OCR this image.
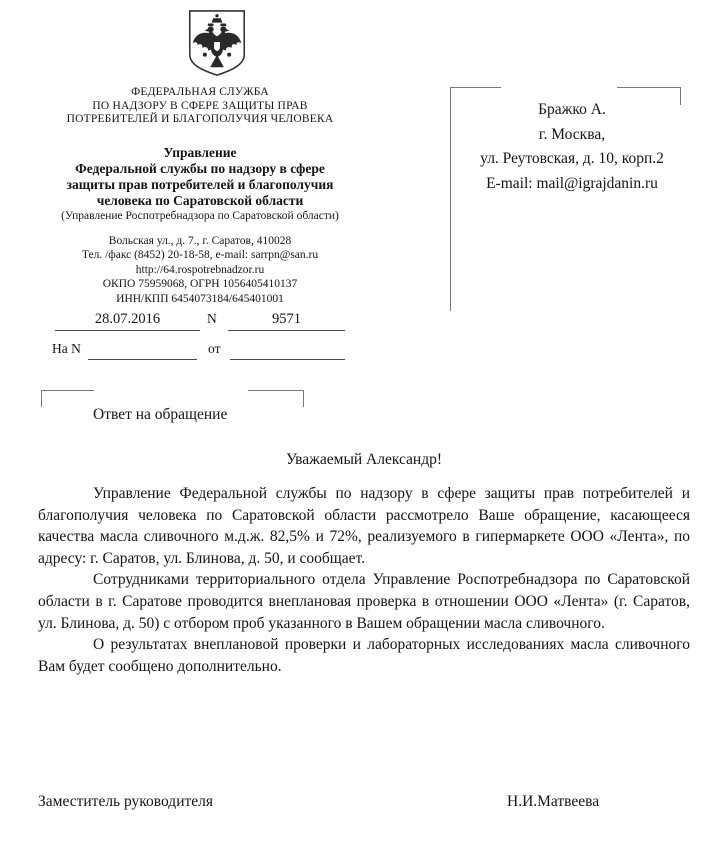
ФЕДЕРАЛЬНАЯ СЛУЖБА
ПО НАДЗОРУ В СФЕРЕ ЗАЩИТЫ ПРАВ
ПОТРЕБИТЕЛЕЙ И БЛАГОПОЛУЧИЯ ЧЕЛОВЕКА
Управление
Федеральной службы по надзору в сфере
защиты прав потребителей и благополучия
человека по Саратовской области
(Управление Роспотребнадзора по Саратовской области)
Вольская ул., д. 7., г. Саратов, 410028
Тел. /факс (8452) 20-18-58, e-mail: sarrpn@san.ru
http://64.rospotrebnadzor.ru
ОКПО 75959068, ОГРН 1056405410137
ИНН/КПП 6454073184/645401001
28.07.2016	N	9571
На N	от
Бражко А.
г. Москва,
ул. Реутовская, д. 10, корп.2
E-mail: mail@igrajdanin.ru
Ответ на обращение
Уважаемый Александр!

Управление Федеральной службы по надзору в сфере защиты прав потребителей и благополучия человека по Саратовской области рассмотрело Ваше обращение, касающееся качества масла сливочного м.д.ж. 82,5% и 72%, реализуемого в гипермаркете ООО «Лента», по адресу: г. Саратов, ул. Блинова, д. 50, и сообщает.

Сотрудниками территориального отдела Управление Роспотребнадзора по Саратовской области в г. Саратове проводится внеплановая проверка в отношении ООО «Лента» (г. Саратов, ул. Блинова, д. 50) с отбором проб указанного в Вашем обращении масла сливочного.

О результатах внеплановой проверки и лабораторных исследованиях масла сливочного Вам будет сообщено дополнительно.

Заместитель руководителя	Н.И.Матвеева
